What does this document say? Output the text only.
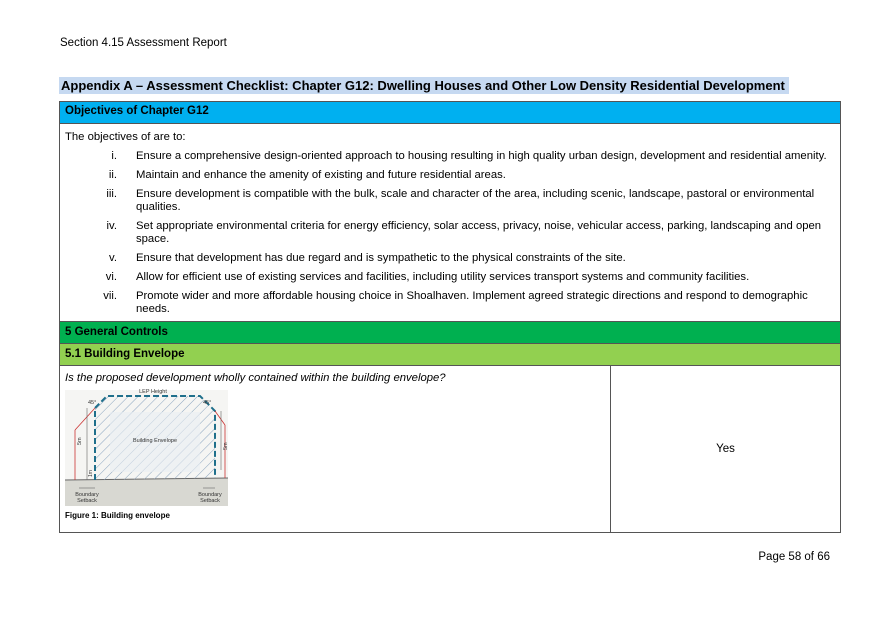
Section 4.15 Assessment Report
Appendix A – Assessment Checklist: Chapter G12: Dwelling Houses and Other Low Density Residential Development
Objectives of Chapter G12
The objectives of are to:
i.	Ensure a comprehensive design-oriented approach to housing resulting in high quality urban design, development and residential amenity.
ii.	Maintain and enhance the amenity of existing and future residential areas.
iii.	Ensure development is compatible with the bulk, scale and character of the area, including scenic, landscape, pastoral or environmental qualities.
iv.	Set appropriate environmental criteria for energy efficiency, solar access, privacy, noise, vehicular access, parking, landscaping and open space.
v.	Ensure that development has due regard and is sympathetic to the physical constraints of the site.
vi.	Allow for efficient use of existing services and facilities, including utility services transport systems and community facilities.
vii.	Promote wider and more affordable housing choice in Shoalhaven. Implement agreed strategic directions and respond to demographic needs.
5 General Controls
5.1 Building Envelope
Is the proposed development wholly contained within the building envelope?
LEP Height
45°	45°
Building Envelope
5m
5m
1m
Boundary
Setback
Boundary
Setback
Figure 1: Building envelope
Yes
Page 58 of 66
